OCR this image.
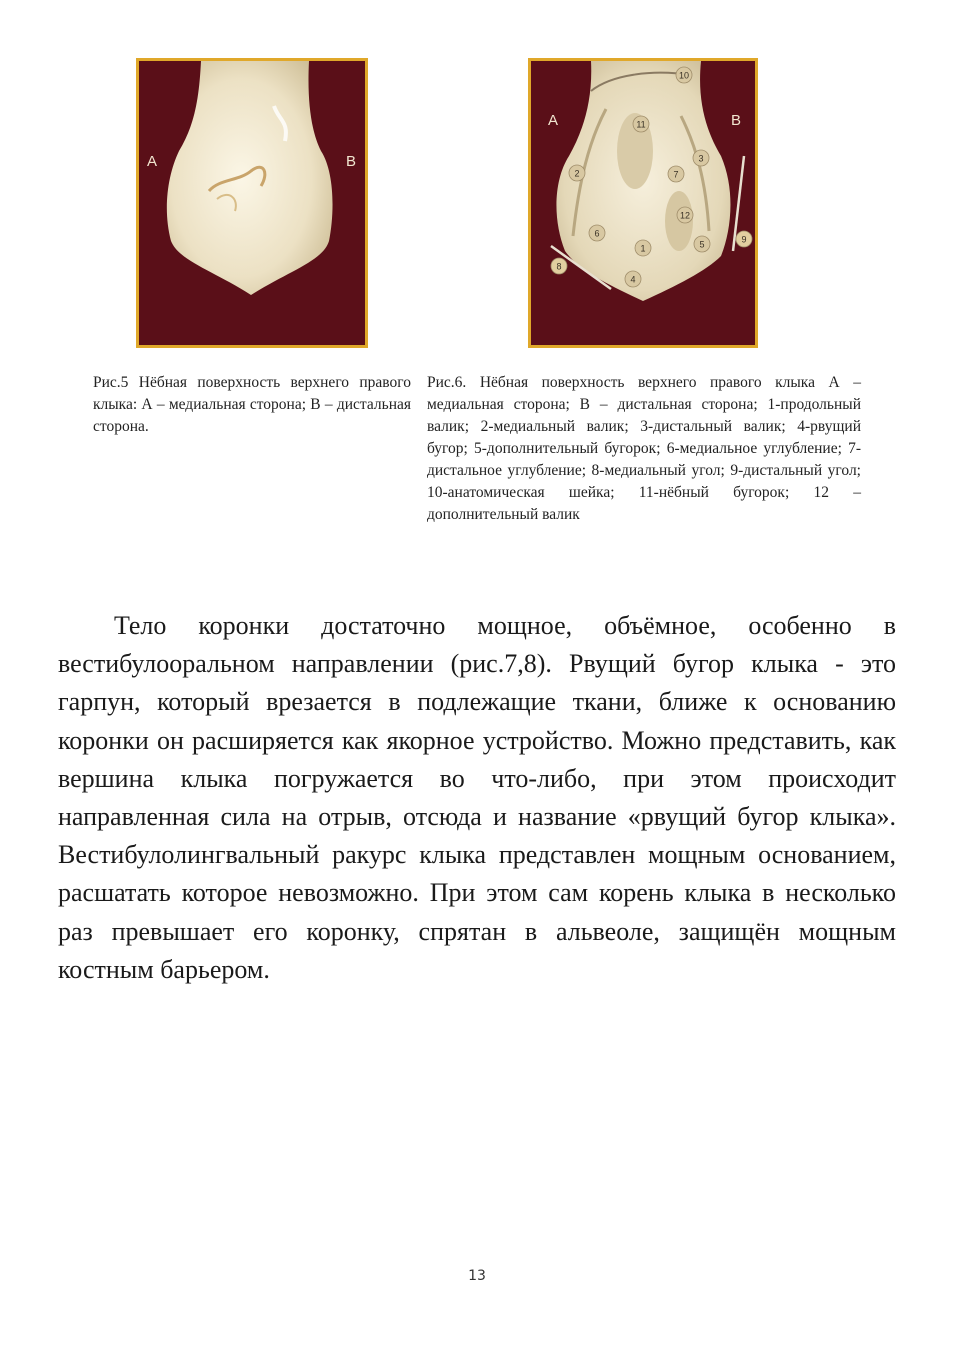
A	B
A	B
1
2
3
4
5
6
7
8
9
10
11
12
Рис.5 Нёбная поверхность верхнего правого клыка: А – медиальная сторона; В – дистальная сторона.
Рис.6. Нёбная поверхность верхнего правого клыка А – медиальная сторона; В – дистальная сторона; 1-продольный валик; 2-медиальный валик; 3-дистальный валик; 4-рвущий бугор; 5-дополнительный бугорок; 6-медиальное углубление; 7-дистальное углубление; 8-медиальный угол; 9-дистальный угол; 10-анатомическая шейка; 11-нёбный бугорок; 12 – дополнительный валик
Тело коронки достаточно мощное, объёмное, особенно в вестибулооральном направлении (рис.7,8). Рвущий бугор клыка - это гарпун, который врезается в подлежащие ткани, ближе к основанию коронки он расширяется как якорное устройство. Можно представить, как вершина клыка погружается во что-либо, при этом происходит направленная сила на отрыв, отсюда и название «рвущий бугор клыка». Вестибулолингвальный ракурс клыка представлен мощным основанием, расшатать которое невозможно. При этом сам корень клыка в несколько раз превышает его коронку, спрятан в альвеоле, защищён мощным костным барьером.
13
